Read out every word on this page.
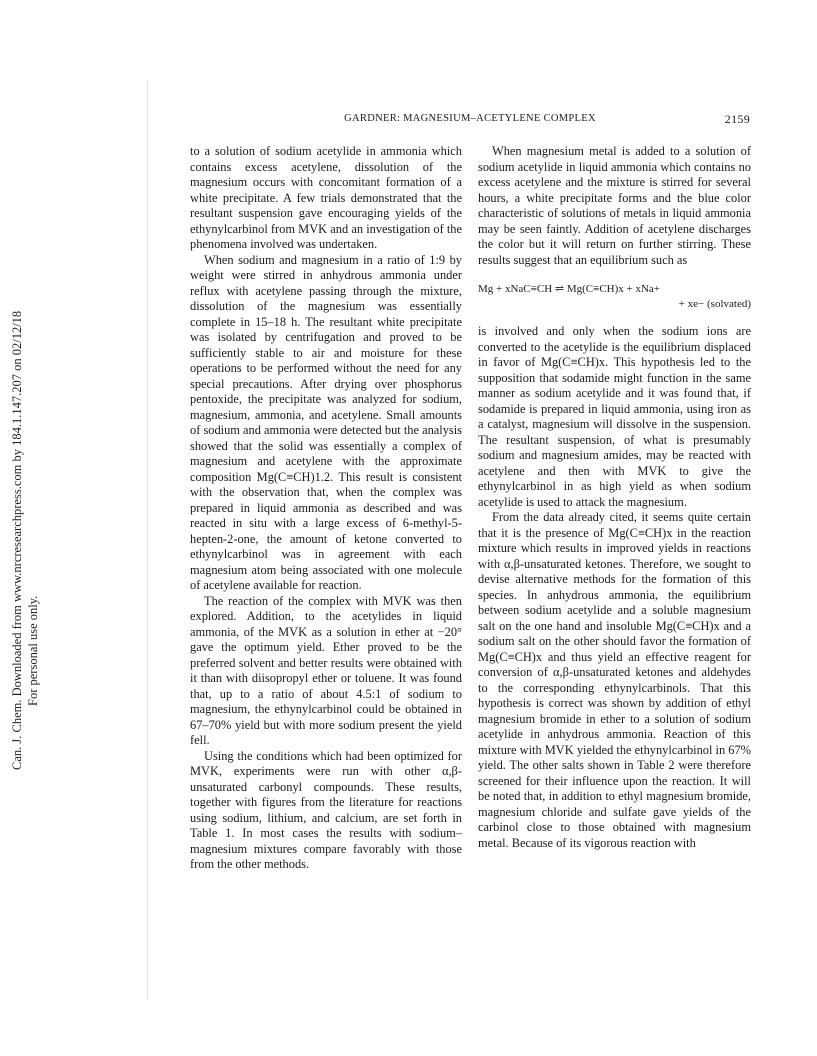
Can. J. Chem. Downloaded from www.nrcresearchpress.com by 184.1.147.207 on 02/12/18 For personal use only.
GARDNER: MAGNESIUM–ACETYLENE COMPLEX	2159

to a solution of sodium acetylide in ammonia which contains excess acetylene, dissolution of the magnesium occurs with concomitant formation of a white precipitate. A few trials demonstrated that the resultant suspension gave encouraging yields of the ethynylcarbinol from MVK and an investigation of the phenomena involved was undertaken.

When sodium and magnesium in a ratio of 1:9 by weight were stirred in anhydrous ammonia under reflux with acetylene passing through the mixture, dissolution of the magnesium was essentially complete in 15–18 h. The resultant white precipitate was isolated by centrifugation and proved to be sufficiently stable to air and moisture for these operations to be performed without the need for any special precautions. After drying over phosphorus pentoxide, the precipitate was analyzed for sodium, magnesium, ammonia, and acetylene. Small amounts of sodium and ammonia were detected but the analysis showed that the solid was essentially a complex of magnesium and acetylene with the approximate composition Mg(C≡CH)1.2. This result is consistent with the observation that, when the complex was prepared in liquid ammonia as described and was reacted in situ with a large excess of 6-methyl-5-hepten-2-one, the amount of ketone converted to ethynylcarbinol was in agreement with each magnesium atom being associated with one molecule of acetylene available for reaction.

The reaction of the complex with MVK was then explored. Addition, to the acetylides in liquid ammonia, of the MVK as a solution in ether at −20° gave the optimum yield. Ether proved to be the preferred solvent and better results were obtained with it than with diisopropyl ether or toluene. It was found that, up to a ratio of about 4.5:1 of sodium to magnesium, the ethynylcarbinol could be obtained in 67–70% yield but with more sodium present the yield fell.

Using the conditions which had been optimized for MVK, experiments were run with other α,β-unsaturated carbonyl compounds. These results, together with figures from the literature for reactions using sodium, lithium, and calcium, are set forth in Table 1. In most cases the results with sodium–magnesium mixtures compare favorably with those from the other methods.

When magnesium metal is added to a solution of sodium acetylide in liquid ammonia which contains no excess acetylene and the mixture is stirred for several hours, a white precipitate forms and the blue color characteristic of solutions of metals in liquid ammonia may be seen faintly. Addition of acetylene discharges the color but it will return on further stirring. These results suggest that an equilibrium such as

Mg + xNaC≡CH ⇌ Mg(C≡CH)x + xNa+
+ xe− (solvated)

is involved and only when the sodium ions are converted to the acetylide is the equilibrium displaced in favor of Mg(C≡CH)x. This hypothesis led to the supposition that sodamide might function in the same manner as sodium acetylide and it was found that, if sodamide is prepared in liquid ammonia, using iron as a catalyst, magnesium will dissolve in the suspension. The resultant suspension, of what is presumably sodium and magnesium amides, may be reacted with acetylene and then with MVK to give the ethynylcarbinol in as high yield as when sodium acetylide is used to attack the magnesium.

From the data already cited, it seems quite certain that it is the presence of Mg(C≡CH)x in the reaction mixture which results in improved yields in reactions with α,β-unsaturated ketones. Therefore, we sought to devise alternative methods for the formation of this species. In anhydrous ammonia, the equilibrium between sodium acetylide and a soluble magnesium salt on the one hand and insoluble Mg(C≡CH)x and a sodium salt on the other should favor the formation of Mg(C≡CH)x and thus yield an effective reagent for conversion of α,β-unsaturated ketones and aldehydes to the corresponding ethynylcarbinols. That this hypothesis is correct was shown by addition of ethyl magnesium bromide in ether to a solution of sodium acetylide in anhydrous ammonia. Reaction of this mixture with MVK yielded the ethynylcarbinol in 67% yield. The other salts shown in Table 2 were therefore screened for their influence upon the reaction. It will be noted that, in addition to ethyl magnesium bromide, magnesium chloride and sulfate gave yields of the carbinol close to those obtained with magnesium metal. Because of its vigorous reaction with
